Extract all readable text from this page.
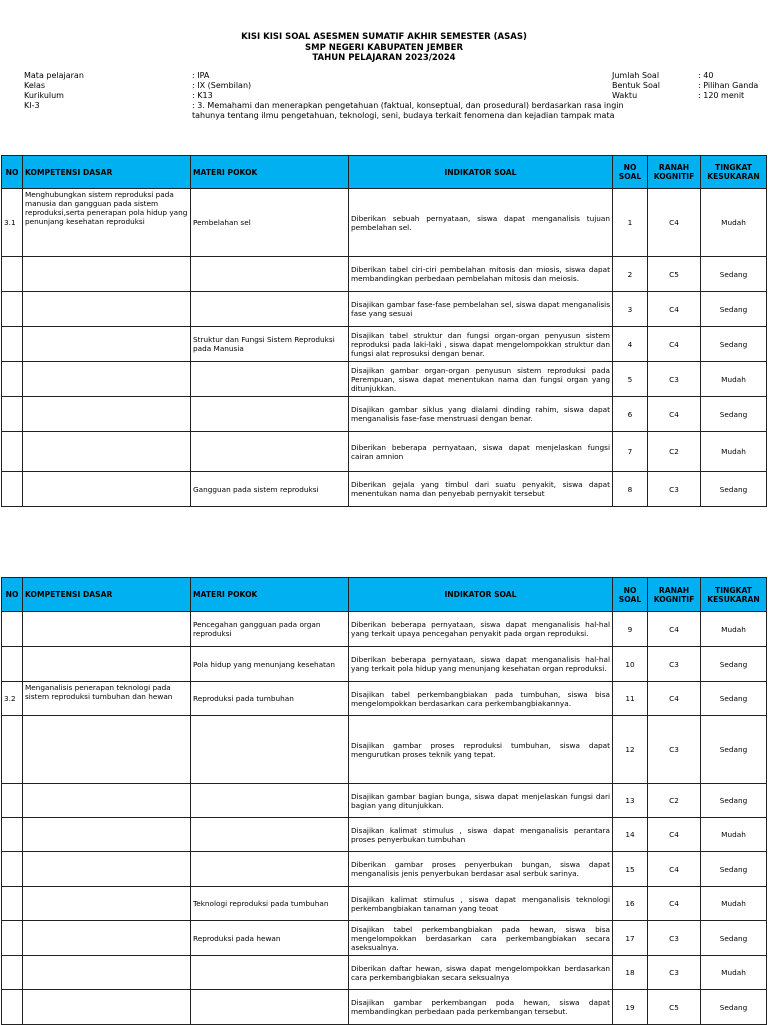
KISI KISI SOAL ASESMEN SUMATIF AKHIR SEMESTER (ASAS)
SMP NEGERI KABUPATEN JEMBER
TAHUN PELAJARAN 2023/2024
Mata pelajaran	: IPA
Kelas	: IX (Sembilan)
Kurikulum	: K13
KI-3	: 3. Memahami dan menerapkan pengetahuan (faktual, konseptual, dan prosedural) berdasarkan rasa ingin tahunya tentang ilmu pengetahuan, teknologi, seni, budaya terkait fenomena dan kejadian tampak mata
Jumlah Soal	: 40
Bentuk Soal	: Pilihan Ganda
Waktu	: 120 menit
NO	KOMPETENSI DASAR	MATERI POKOK	INDIKATOR SOAL	NO SOAL	RANAH KOGNITIF	TINGKAT KESUKARAN
3.1	Menghubungkan sistem reproduksi pada manusia dan gangguan pada sistem reproduksi,serta penerapan pola hidup yang penunjang kesehatan reproduksi	Pembelahan sel	Diberikan sebuah pernyataan, siswa dapat menganalisis tujuan pembelahan sel.	1	C4	Mudah
			Diberikan tabel ciri-ciri pembelahan mitosis dan miosis, siswa dapat membandingkan perbedaan pembelahan mitosis dan meiosis.	2	C5	Sedang
			Disajikan gambar fase-fase pembelahan sel, siswa dapat menganalisis fase yang sesuai	3	C4	Sedang
		Struktur dan Fungsi Sistem Reproduksi pada Manusia	Disajikan tabel struktur dan fungsi organ-organ penyusun sistem reproduksi pada laki-laki , siswa dapat mengelompokkan struktur dan fungsi alat reprosuksi dengan benar.	4	C4	Sedang
			Disajikan gambar organ-organ penyusun sistem reproduksi pada Perempuan, siswa dapat menentukan nama dan fungsi organ yang ditunjukkan.	5	C3	Mudah
			Disajikan gambar siklus yang dialami dinding rahim, siswa dapat menganalisis fase-fase menstruasi dengan benar.	6	C4	Sedang
			Diberikan beberapa pernyataan, siswa dapat menjelaskan fungsi cairan amnion	7	C2	Mudah
		Gangguan pada sistem reproduksi	Diberikan gejala yang timbul dari suatu penyakit, siswa dapat menentukan nama dan penyebab pernyakit tersebut	8	C3	Sedang
NO	KOMPETENSI DASAR	MATERI POKOK	INDIKATOR SOAL	NO SOAL	RANAH KOGNITIF	TINGKAT KESUKARAN
		Pencegahan gangguan pada organ reproduksi	Diberikan beberapa pernyataan, siswa dapat menganalisis hal-hal yang terkait upaya pencegahan penyakit pada organ reproduksi.	9	C4	Mudah
		Pola hidup yang menunjang kesehatan	Diberikan beberapa pernyataan, siswa dapat menganalisis hal-hal yang terkait pola hidup yang menunjang kesehatan organ reproduksi.	10	C3	Sedang
3.2	Menganalisis penerapan teknologi pada sistem reproduksi tumbuhan dan hewan	Reproduksi pada tumbuhan	Disajikan tabel perkembangbiakan pada tumbuhan, siswa bisa mengelompokkan berdasarkan cara perkembangbiakannya.	11	C4	Sedang
			Disajikan gambar proses reproduksi tumbuhan, siswa dapat mengurutkan proses teknik yang tepat.	12	C3	Sedang
			Disajikan gambar bagian bunga, siswa dapat menjelaskan fungsi dari bagian yang ditunjukkan.	13	C2	Sedang
			Disajikan kalimat stimulus , siswa dapat menganalisis perantara proses penyerbukan tumbuhan	14	C4	Mudah
			Diberikan gambar proses penyerbukan bungan, siswa dapat menganalisis jenis penyerbukan berdasar asal serbuk sarinya.	15	C4	Sedang
		Teknologi reproduksi pada tumbuhan	Disajikan kalimat stimulus , siswa dapat menganalisis teknologi perkembangbiakan tanaman yang teoat	16	C4	Mudah
		Reproduksi pada hewan	Disajikan tabel perkembangbiakan pada hewan, siswa bisa mengelompokkan berdasarkan cara perkembangbiakan secara aseksualnya.	17	C3	Sedang
			Diberikan daftar hewan, siswa dapat mengelompokkan berdasarkan cara perkembangbiakan secara seksualnya	18	C3	Mudah
			Disajikan gambar perkembangan poda hewan, siswa dapat membandingkan perbedaan pada perkembangan tersebut.	19	C5	Sedang
